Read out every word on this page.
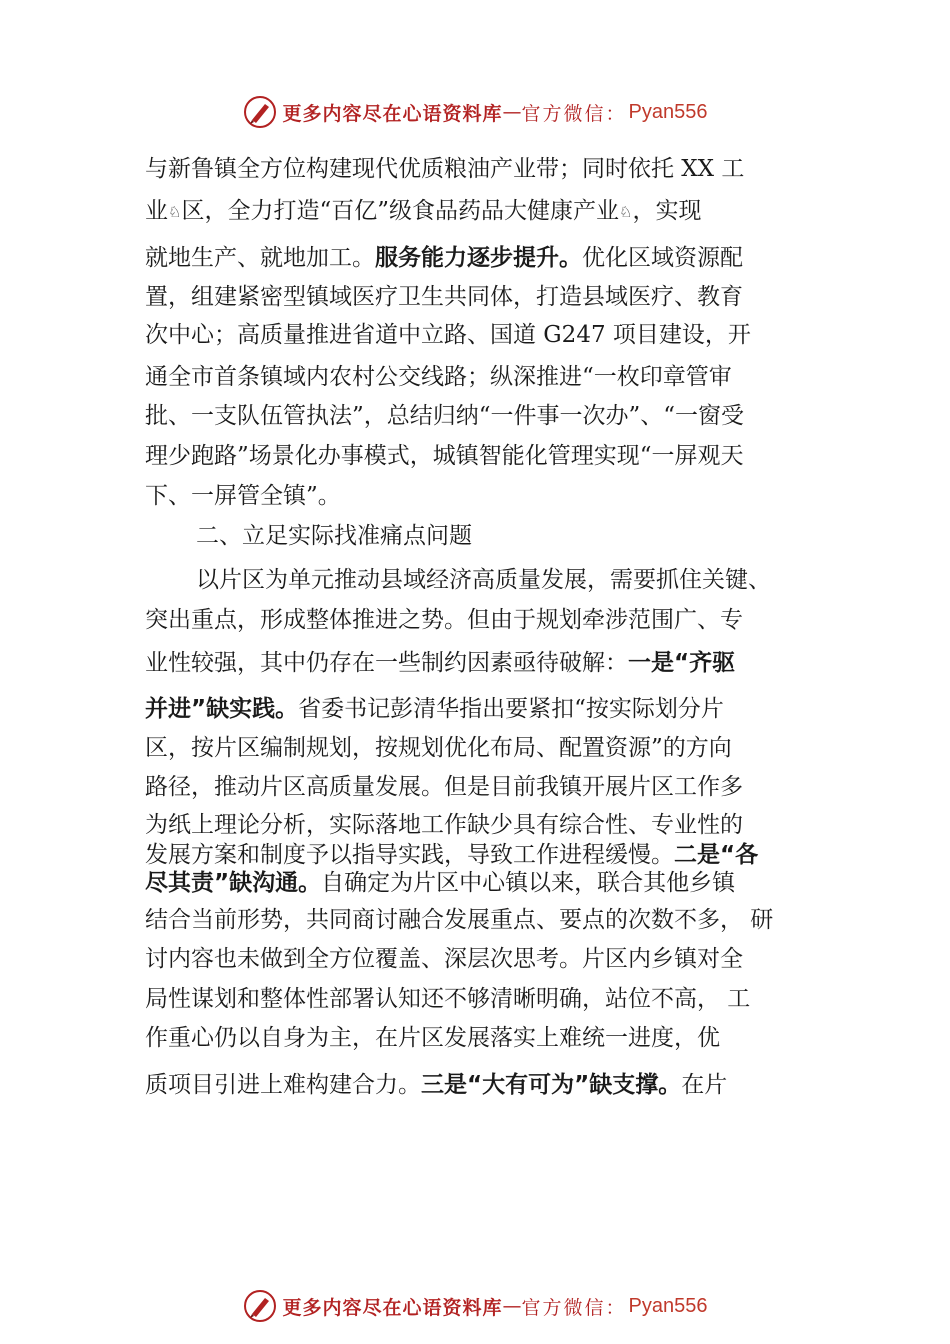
更多内容尽在心语资料库 — 官方微信： Pyan556
与新鲁镇全方位构建现代优质粮油产业带；同时依托 XX 工
业♘区，全力打造“百亿”级食品药品大健康产业♘，实现
就地生产、就地加工。服务能力逐步提升。优化区域资源配
置，组建紧密型镇域医疗卫生共同体，打造县域医疗、教育
次中心；高质量推进省道中立路、国道 G247 项目建设，开
通全市首条镇域内农村公交线路；纵深推进“一枚印章管审
批、一支队伍管执法”，总结归纳“一件事一次办”、“一窗受
理少跑路”场景化办事模式，城镇智能化管理实现“一屏观天
下、一屏管全镇”。
二、立足实际找准痛点问题
以片区为单元推动县域经济高质量发展，需要抓住关键、
突出重点，形成整体推进之势。但由于规划牵涉范围广、专
业性较强，其中仍存在一些制约因素亟待破解：一是“齐驱
并进”缺实践。省委书记彭清华指出要紧扣“按实际划分片
区，按片区编制规划，按规划优化布局、配置资源”的方向
路径，推动片区高质量发展。但是目前我镇开展片区工作多
为纸上理论分析，实际落地工作缺少具有综合性、专业性的
发展方案和制度予以指导实践，导致工作进程缓慢。二是“各
尽其责”缺沟通。自确定为片区中心镇以来，联合其他乡镇
结合当前形势，共同商讨融合发展重点、要点的次数不多， 研
讨内容也未做到全方位覆盖、深层次思考。片区内乡镇对全
局性谋划和整体性部署认知还不够清晰明确，站位不高， 工
作重心仍以自身为主，在片区发展落实上难统一进度，优
质项目引进上难构建合力。三是“大有可为”缺支撑。在片
更多内容尽在心语资料库 — 官方微信： Pyan556
